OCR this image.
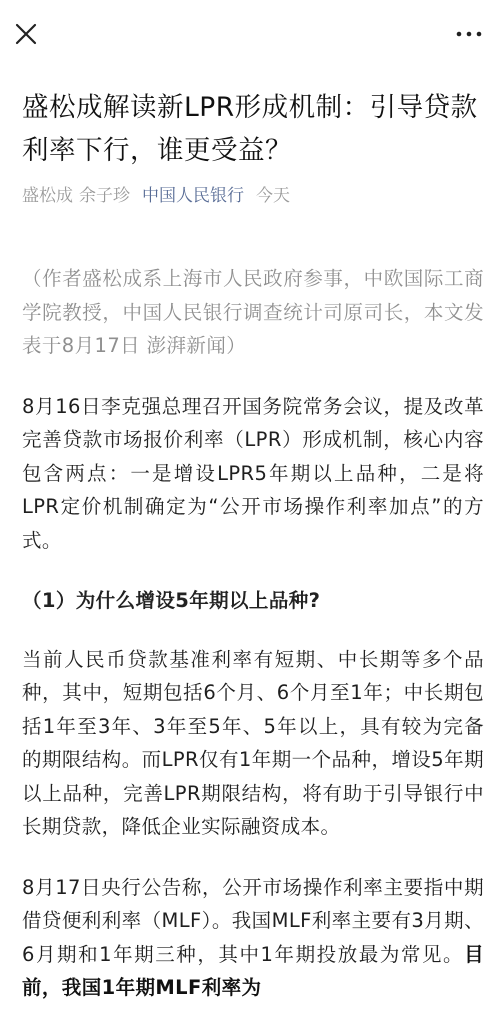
盛松成解读新LPR形成机制：引导贷款利率下行，谁更受益？
盛松成 余子珍 中国人民银行 今天

（作者盛松成系上海市人民政府参事，中欧国际工商学院教授，中国人民银行调查统计司原司长，本文发表于8月17日 澎湃新闻）

8月16日李克强总理召开国务院常务会议，提及改革完善贷款市场报价利率（LPR）形成机制，核心内容包含两点：一是增设LPR5年期以上品种，二是将LPR定价机制确定为“公开市场操作利率加点”的方式。

（1）为什么增设5年期以上品种?

当前人民币贷款基准利率有短期、中长期等多个品种，其中，短期包括6个月、6个月至1年；中长期包括1年至3年、3年至5年、5年以上，具有较为完备的期限结构。而LPR仅有1年期一个品种，增设5年期以上品种，完善LPR期限结构，将有助于引导银行中长期贷款，降低企业实际融资成本。

8月17日央行公告称，公开市场操作利率主要指中期借贷便利利率（MLF）。我国MLF利率主要有3月期、6月期和1年期三种，其中1年期投放最为常见。目前，我国1年期MLF利率为
